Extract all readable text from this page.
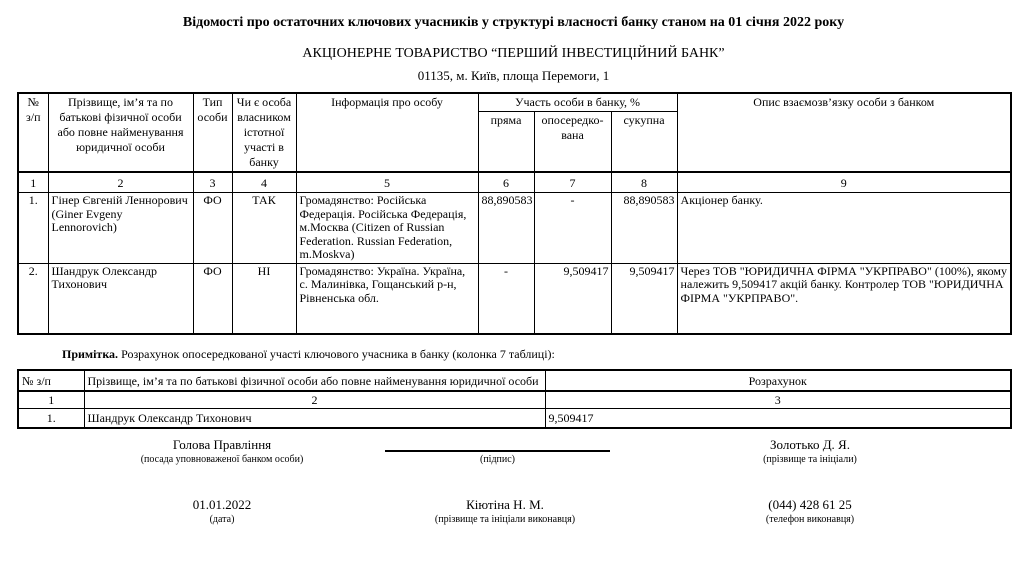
Відомості про остаточних ключових учасників у структурі власності банку станом на 01 січня 2022 року
АКЦІОНЕРНЕ ТОВАРИСТВО “ПЕРШИЙ ІНВЕСТИЦІЙНИЙ БАНК”
01135, м. Київ, площа Перемоги, 1
№ з/п	Прізвище, ім’я та по батькові фізичної особи або повне найменування юридичної особи	Тип особи	Чи є особа власником істотної участі в банку	Інформація про особу	Участь особи в банку, %			Опис взаємозв’язку особи з банком
					пряма	опосередко-вана	сукупна	
1	2	3	4	5	6	7	8	9
1.	Гінер Євгеній Леннорович (Giner Evgeny Lennorovich)	ФО	ТАК	Громадянство: Російська Федерація. Російська Федерація, м.Москва (Citizen of Russian Federation. Russian Federation, m.Moskva)	88,890583	-	88,890583	Акціонер банку.
2.	Шандрук Олександр Тихонович	ФО	НІ	Громадянство: Україна. Україна, с. Малинівка, Гощанський р-н, Рівненська обл.	-	9,509417	9,509417	Через ТОВ "ЮРИДИЧНА ФІРМА "УКРПРАВО" (100%), якому належить 9,509417 акцій банку. Контролер ТОВ "ЮРИДИЧНА ФІРМА "УКРПРАВО".
Примітка. Розрахунок опосередкованої участі ключового учасника в банку (колонка 7 таблиці):
№ з/п	Прізвище, ім’я та по батькові фізичної особи або повне найменування юридичної особи	Розрахунок
1	2	3
1.	Шандрук Олександр Тихонович	9,509417
Голова Правління
(посада уповноваженої банком особи)	(підпис)
Золотько Д. Я.
(прізвище та ініціали)
01.01.2022
(дата)
Кіютіна Н. М.
(прізвище та ініціали виконавця)
(044) 428 61 25
(телефон виконавця)
